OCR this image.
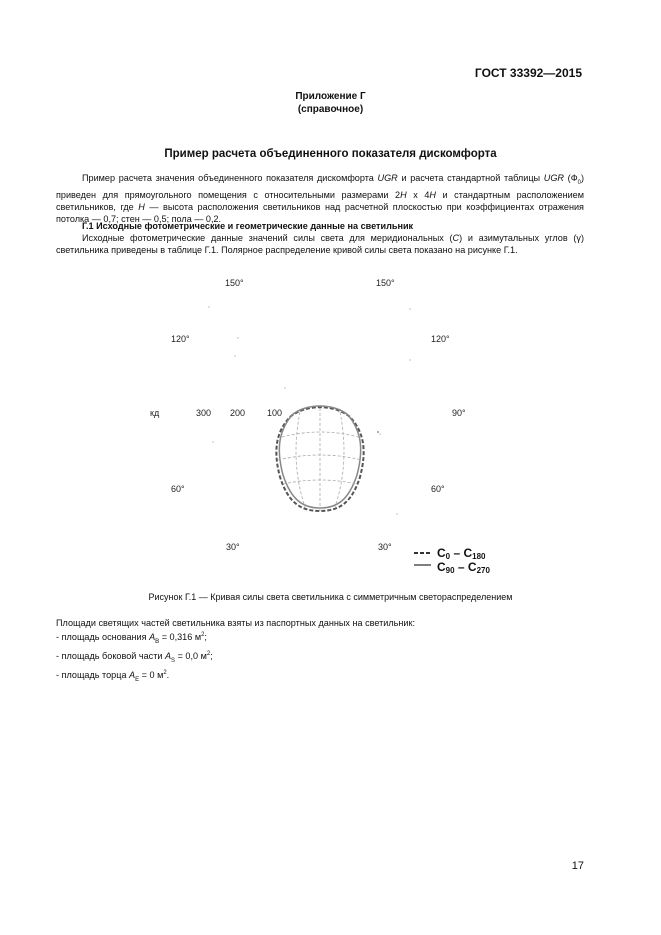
ГОСТ 33392—2015
Приложение Г
(справочное)
Пример расчета объединенного показателя дискомфорта
Пример расчета значения объединенного показателя дискомфорта UGR и расчета стандартной таблицы UGR $(Ф_0)$ приведен для прямоугольного помещения с относительными размерами 2H x 4H и стандартным расположением светильников, где H — высота расположения светильников над расчетной плоскостью при коэффициентах отражения потолка — 0,7; стен — 0,5; пола — 0,2.
Г.1 Исходные фотометрические и геометрические данные на светильник
Исходные фотометрические данные значений силы света для меридиональных (C) и азимутальных углов (γ) светильника приведены в таблице Г.1. Полярное распределение кривой силы света показано на рисунке Г.1.
150°	150°
120°	120°
кд	300 200 100	90°
60°	60°
30°	30°	C0 – C180
C90 – C270
Рисунок Г.1 — Кривая силы света светильника с симметричным светораспределением
Площади светящих частей светильника взяты из паспортных данных на светильник:
- площадь основания $A_B = 0,316$ $м^2$;
- площадь боковой части $A_S = 0,0$ $м^2$;
- площадь торца $A_E = 0$ $м^2$.
17
